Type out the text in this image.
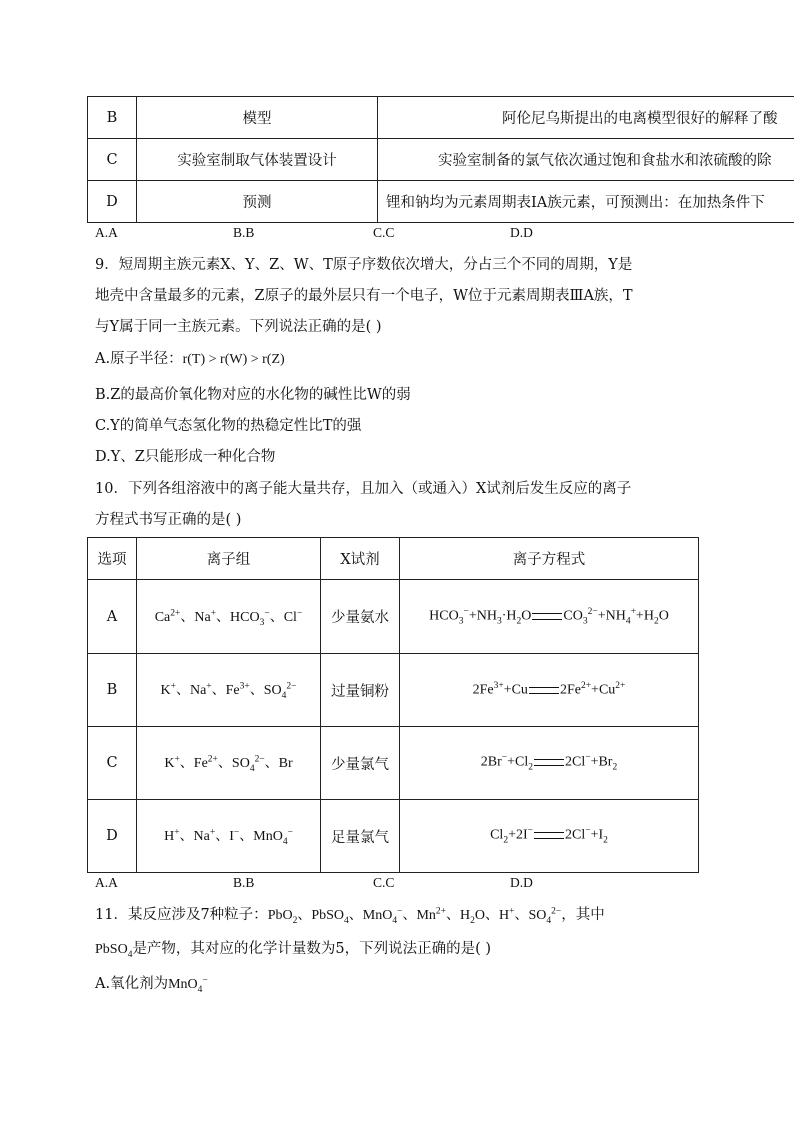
B	模型	阿伦尼乌斯提出的电离模型很好的解释了酸
C	实验室制取气体装置设计	实验室制备的氯气依次通过饱和食盐水和浓硫酸的除
D	预测	锂和钠均为元素周期表ⅠA族元素，可预测出：在加热条件下
A.A	B.B	C.C	D.D
9．短周期主族元素X、Y、Z、W、T原子序数依次增大，分占三个不同的周期，Y是
地壳中含量最多的元素，Z原子的最外层只有一个电子，W位于元素周期表ⅢA族，T
与Y属于同一主族元素。下列说法正确的是( )
A.原子半径：r(T) > r(W) > r(Z)
B.Z的最高价氧化物对应的水化物的碱性比W的弱
C.Y的简单气态氢化物的热稳定性比T的强
D.Y、Z只能形成一种化合物
10．下列各组溶液中的离子能大量共存，且加入（或通入）X试剂后发生反应的离子
方程式书写正确的是( )
选项	离子组	X试剂	离子方程式
A	$Ca^{2+}$、Na+、$HCO_3^-$、Cl−	少量氨水	$HCO_3^-+NH_3\cdot H_2O$ $CO_3^{2-}+NH_4^++H_2O$
B	K+、Na+、$Fe^{3+}$、$SO_4^{2-}$	过量铜粉	$2Fe^{3+}+Cu$ $2Fe^{2+}+Cu^{2+}$
C	K+、$Fe^{2+}$、$SO_4^{2-}$、Br	少量氯气	$2Br^-+Cl_2$ $2Cl^-+Br_2$
D	H+、Na+、I−、MnO$_4$−	足量氯气	$Cl_2+2I^-$ $2Cl^-+I_2$
A.A	B.B	C.C	D.D
11．某反应涉及7种粒子：PbO$_2$、PbSO$_4$、MnO$_4$−、$Mn^{2+}$、$H_2O$、H+、$SO_4^{2-}$，其中
PbSO$_4$是产物，其对应的化学计量数为5，下列说法正确的是( )
A.氧化剂为MnO$_4$−
